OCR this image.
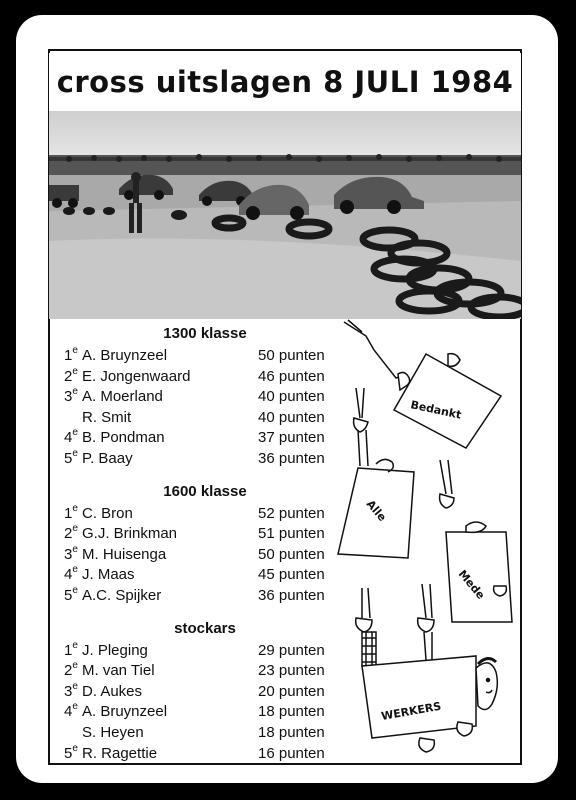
cross uitslagen 8 JULI 1984
1300 klasse
1e A. Bruynzeel	50 punten
2e E. Jongenwaard	46 punten
3e A. Moerland	40 punten
R. Smit	40 punten
4e B. Pondman	37 punten
5e P. Baay	36 punten
1600 klasse
1e C. Bron	52 punten
2e G.J. Brinkman	51 punten
3e M. Huisenga	50 punten
4e J. Maas	45 punten
5e A.C. Spijker	36 punten
stockars
1e J. Pleging	29 punten
2e M. van Tiel	23 punten
3e D. Aukes	20 punten
4e A. Bruynzeel	18 punten
S. Heyen	18 punten
5e R. Ragettie	16 punten
Bedankt
Alle
Mede
WERKERS
